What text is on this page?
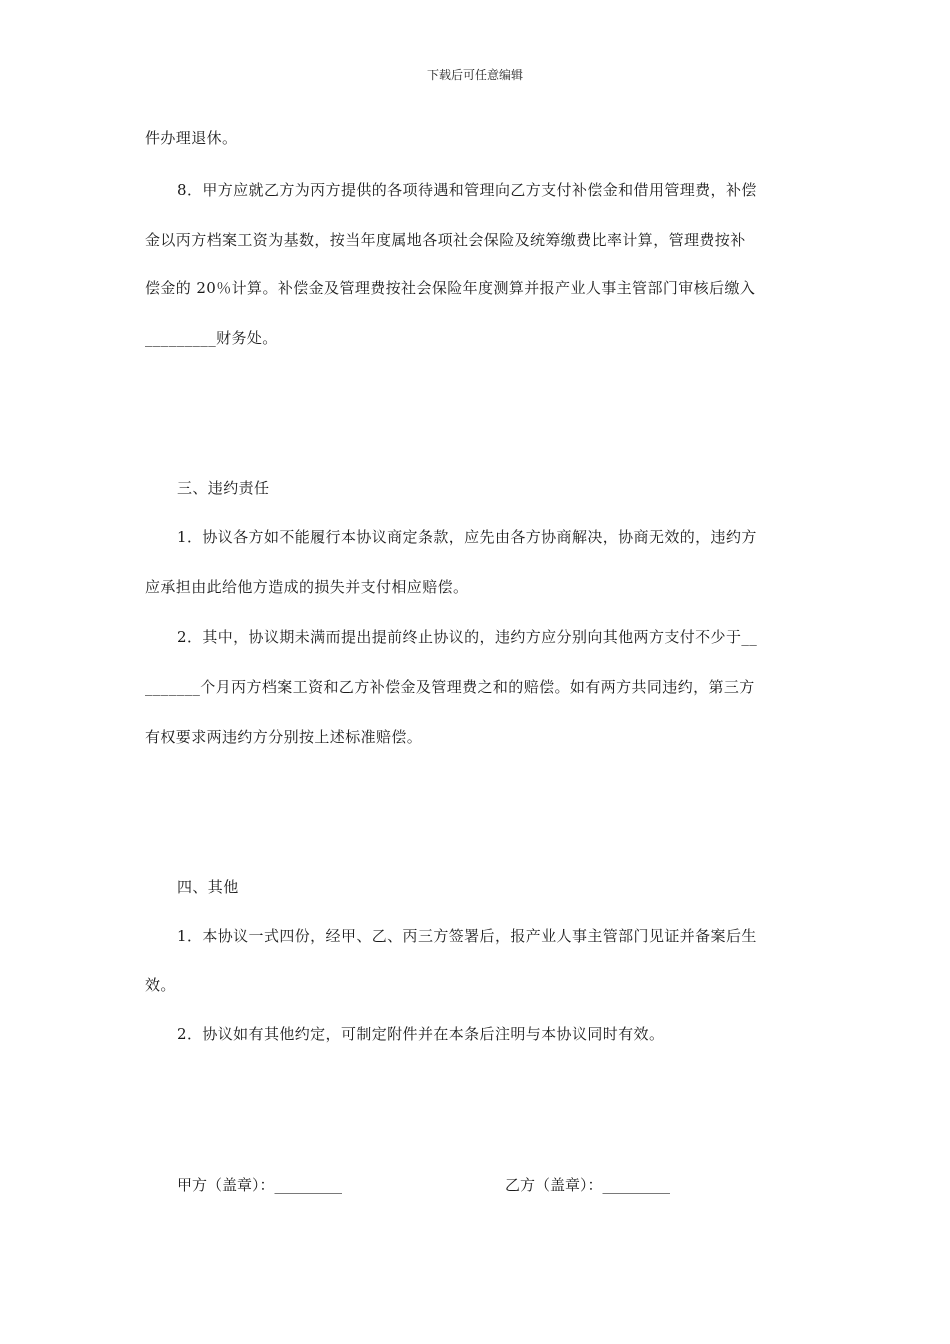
下载后可任意编辑
件办理退休。
8．甲方应就乙方为丙方提供的各项待遇和管理向乙方支付补偿金和借用管理费，补偿
金以丙方档案工资为基数，按当年度属地各项社会保险及统筹缴费比率计算，管理费按补
偿金的 20％计算。补偿金及管理费按社会保险年度测算并报产业人事主管部门审核后缴入
_________财务处。
三、违约责任
1．协议各方如不能履行本协议商定条款，应先由各方协商解决，协商无效的，违约方
应承担由此给他方造成的损失并支付相应赔偿。
2．其中，协议期未满而提出提前终止协议的，违约方应分别向其他两方支付不少于__
_______个月丙方档案工资和乙方补偿金及管理费之和的赔偿。如有两方共同违约，第三方
有权要求两违约方分别按上述标准赔偿。
四、其他
1．本协议一式四份，经甲、乙、丙三方签署后，报产业人事主管部门见证并备案后生
效。
2．协议如有其他约定，可制定附件并在本条后注明与本协议同时有效。
甲方（盖章）：_________	乙方（盖章）：_________
